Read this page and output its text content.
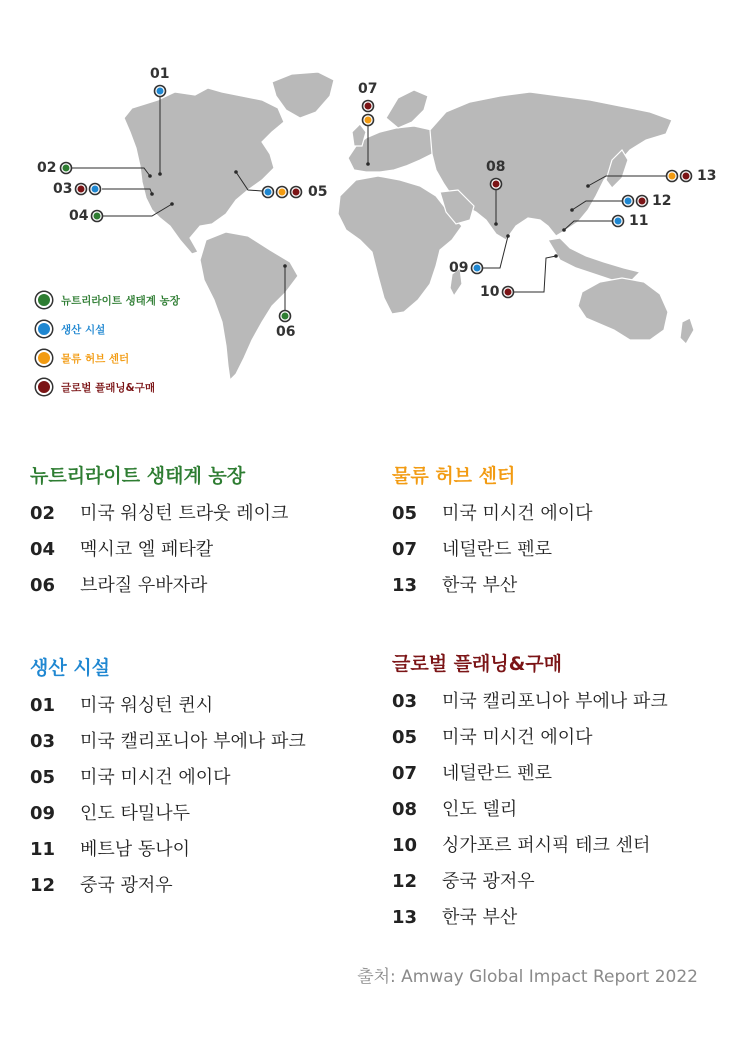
01
02
03
04
05
06
07
08
09
10
11
12
13
뉴트리라이트 생태계 농장
생산 시설
물류 허브 센터
글로벌 플래닝&구매
뉴트리라이트 생태계 농장
02	미국 워싱턴 트라웃 레이크
04	멕시코 엘 페타칼
06	브라질 우바자라
물류 허브 센터
05	미국 미시건 에이다
07	네덜란드 펜로
13	한국 부산
생산 시설
01	미국 워싱턴 퀸시
03	미국 캘리포니아 부에나 파크
05	미국 미시건 에이다
09	인도 타밀나두
11	베트남 동나이
12	중국 광저우
글로벌 플래닝&구매
03	미국 캘리포니아 부에나 파크
05	미국 미시건 에이다
07	네덜란드 펜로
08	인도 델리
10	싱가포르 퍼시픽 테크 센터
12	중국 광저우
13	한국 부산
출처: Amway Global Impact Report 2022
